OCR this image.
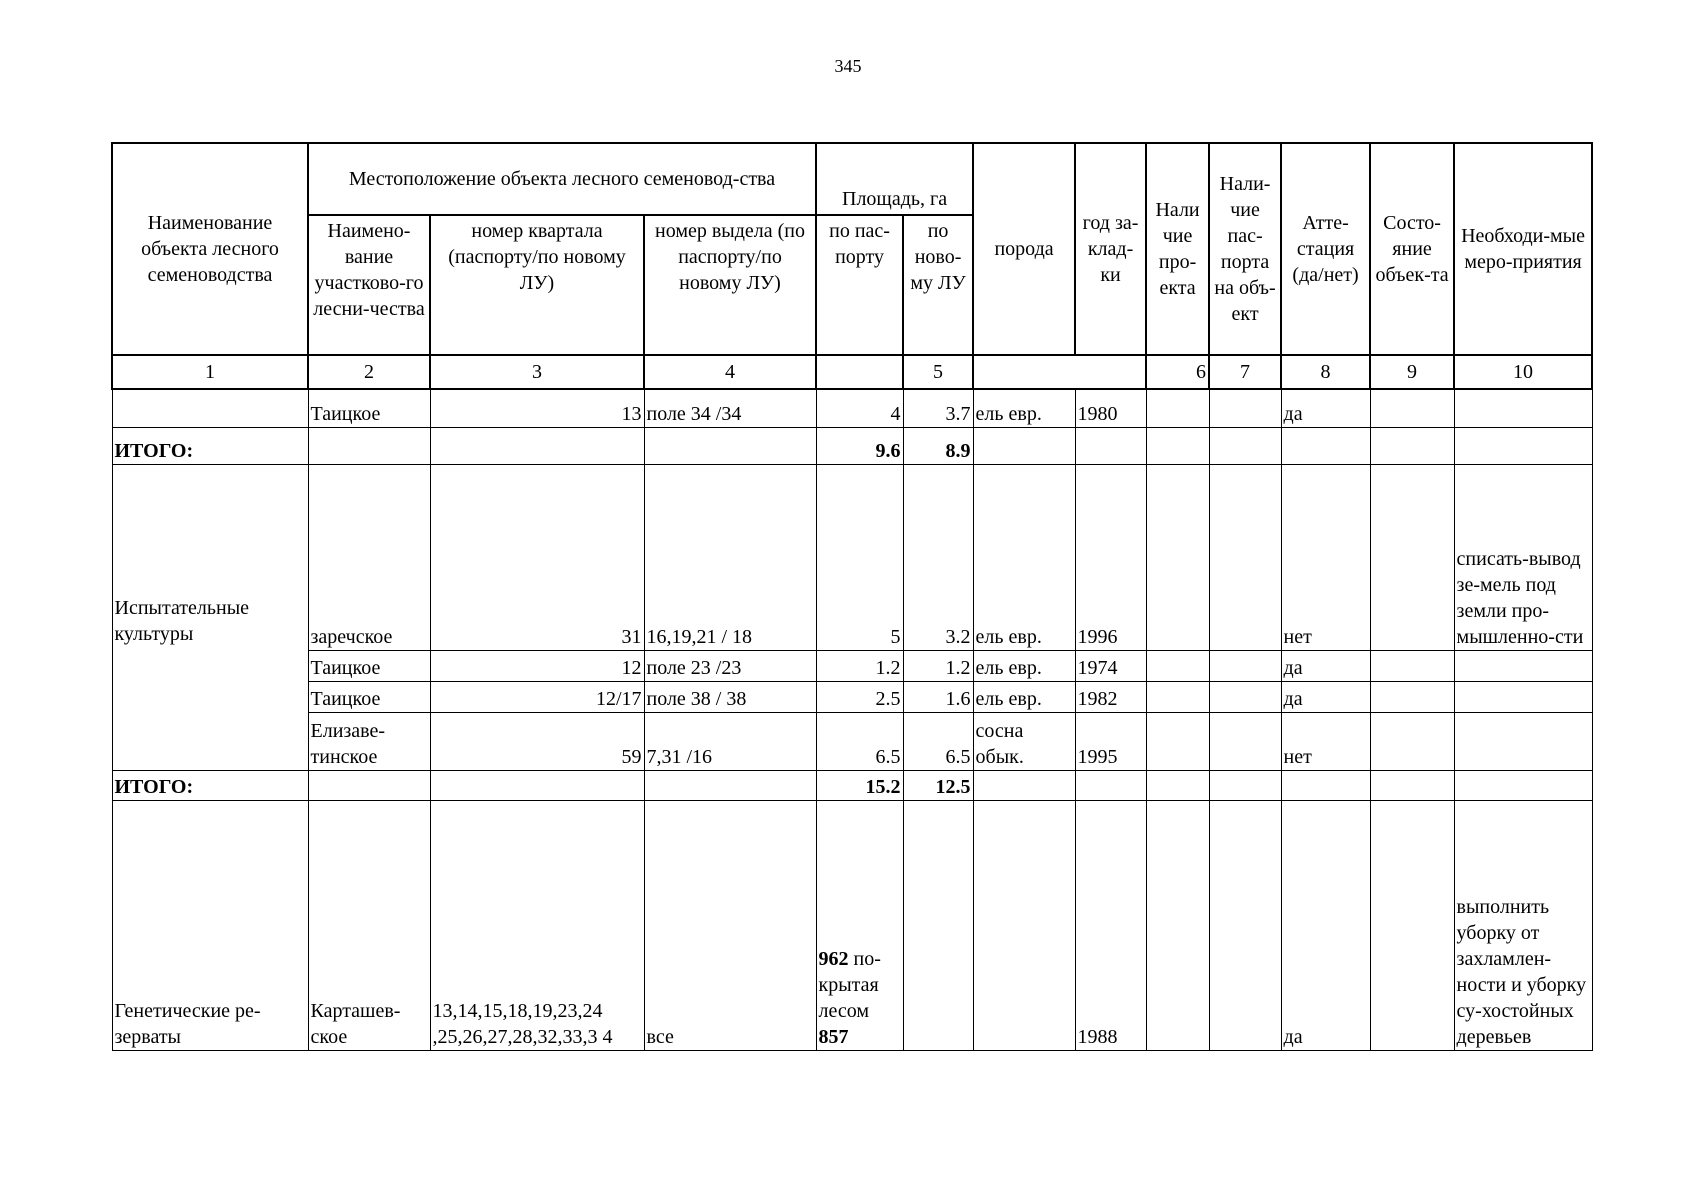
345
Наименование объекта лесного семеноводства	Местоположение объекта лесного семеновод-ства			Площадь, га		порода	год за-клад-ки	Нали чие про-екта	Нали-чие пас-порта на объ-ект	Атте-стация (да/нет)	Состо-яние объек-та	Необходи-мые меро-приятия
	Наимено-вание участково-го лесни-чества	номер квартала (паспорту/по новому ЛУ)	номер выдела (по паспорту/по новому ЛУ)	по пас-порту	по ново-му ЛУ							
1	2	3	4		5			6	7	8	9	10
	Таицкое	13	поле 34 /34	4	3.7	ель евр.	1980			да		
ИТОГО:				9.6	8.9							
Испытательные культуры	заречское	31	16,19,21 / 18	5	3.2	ель евр.	1996			нет		списать-вывод зе-мель под земли про-мышленно-сти
	Таицкое	12	поле 23 /23	1.2	1.2	ель евр.	1974			да		
	Таицкое	12/17	поле 38 / 38	2.5	1.6	ель евр.	1982			да		
	Елизаве-тинское	59	7,31 /16	6.5	6.5	сосна обык.	1995			нет		
ИТОГО:				15.2	12.5							
Генетические ре-зерваты	Карташев-ское	13,14,15,18,19,23,24 ,25,26,27,28,32,33,3 4	все	962 по-крытая лесом 857			1988			да		выполнить уборку от захламлен-ности и уборку су-хостойных деревьев
